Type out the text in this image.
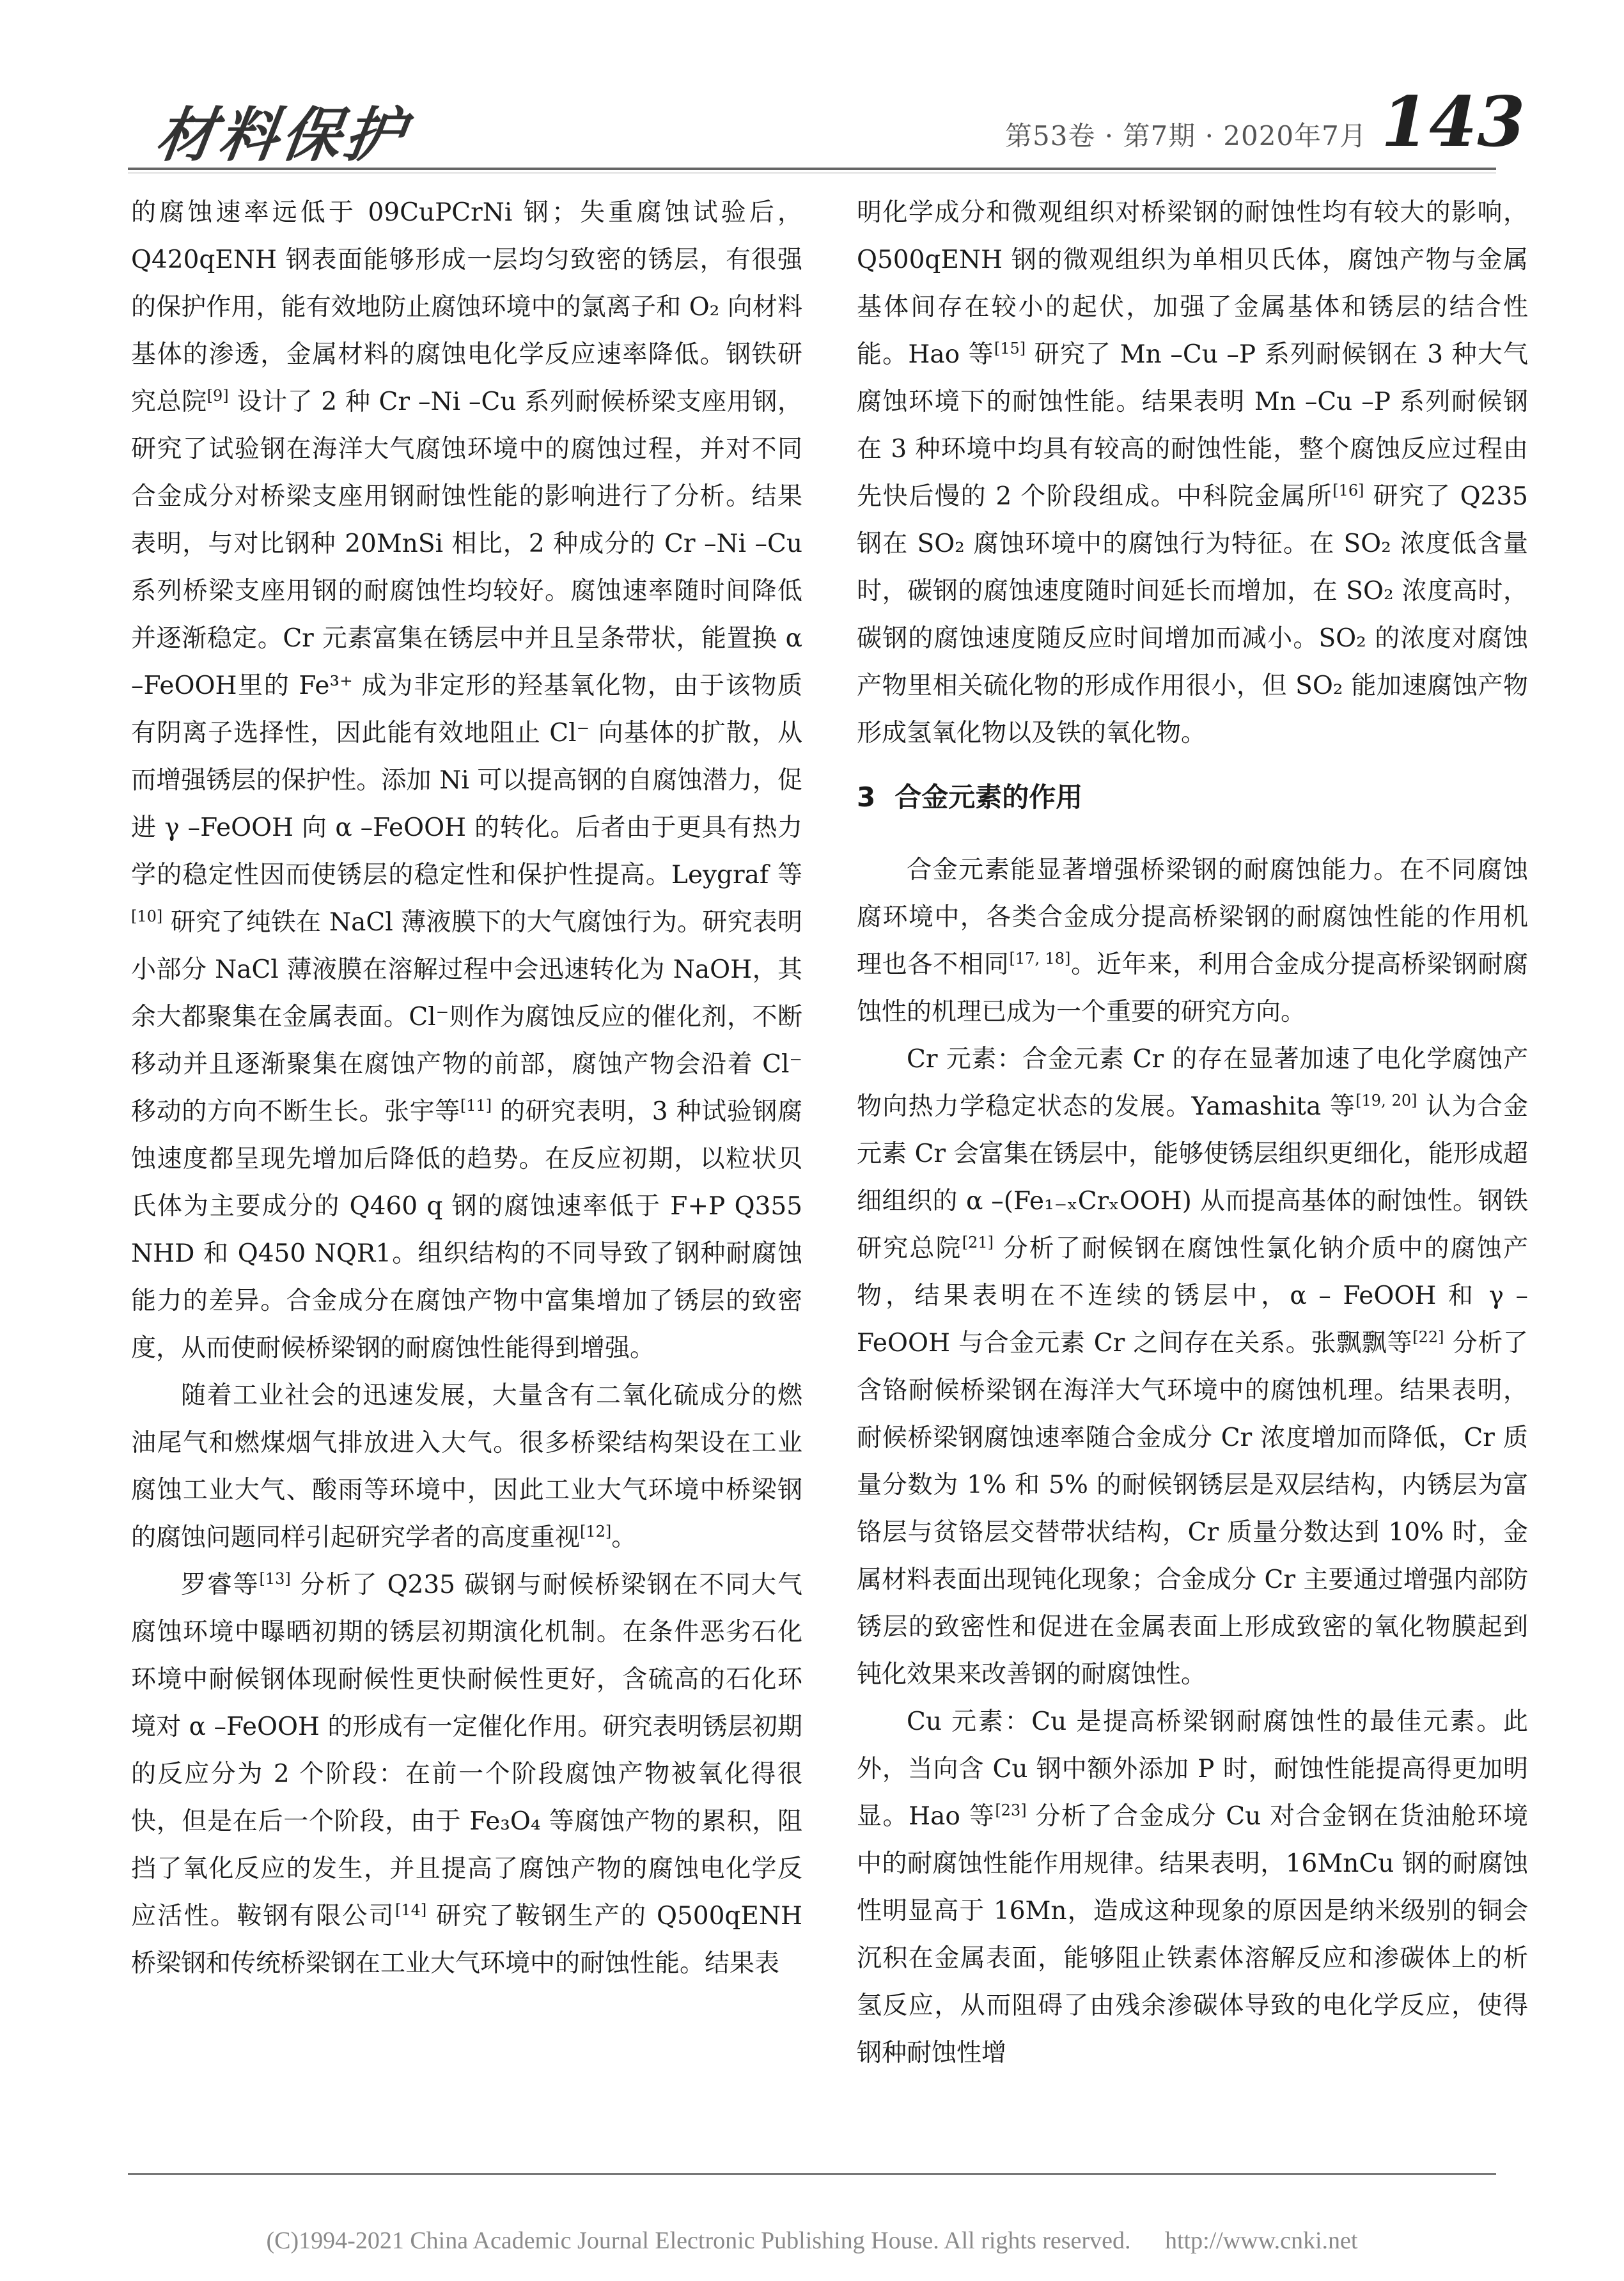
材料保护	第53卷 · 第7期 · 2020年7月 143

的腐蚀速率远低于 09CuPCrNi 钢；失重腐蚀试验后，Q420qENH 钢表面能够形成一层均匀致密的锈层，有很强的保护作用，能有效地防止腐蚀环境中的氯离子和 O₂ 向材料基体的渗透，金属材料的腐蚀电化学反应速率降低。钢铁研究总院[9] 设计了 2 种 Cr –Ni –Cu 系列耐候桥梁支座用钢，研究了试验钢在海洋大气腐蚀环境中的腐蚀过程，并对不同合金成分对桥梁支座用钢耐蚀性能的影响进行了分析。结果表明，与对比钢种 20MnSi 相比，2 种成分的 Cr –Ni –Cu 系列桥梁支座用钢的耐腐蚀性均较好。腐蚀速率随时间降低并逐渐稳定。Cr 元素富集在锈层中并且呈条带状，能置换 α –FeOOH里的 Fe³⁺ 成为非定形的羟基氧化物，由于该物质有阴离子选择性，因此能有效地阻止 Cl⁻ 向基体的扩散，从而增强锈层的保护性。添加 Ni 可以提高钢的自腐蚀潜力，促进 γ –FeOOH 向 α –FeOOH 的转化。后者由于更具有热力学的稳定性因而使锈层的稳定性和保护性提高。Leygraf 等[10] 研究了纯铁在 NaCl 薄液膜下的大气腐蚀行为。研究表明小部分 NaCl 薄液膜在溶解过程中会迅速转化为 NaOH，其余大都聚集在金属表面。Cl⁻则作为腐蚀反应的催化剂，不断移动并且逐渐聚集在腐蚀产物的前部，腐蚀产物会沿着 Cl⁻ 移动的方向不断生长。张宇等[11] 的研究表明，3 种试验钢腐蚀速度都呈现先增加后降低的趋势。在反应初期，以粒状贝氏体为主要成分的 Q460 q 钢的腐蚀速率低于 F+P Q355 NHD 和 Q450 NQR1。组织结构的不同导致了钢种耐腐蚀能力的差异。合金成分在腐蚀产物中富集增加了锈层的致密度，从而使耐候桥梁钢的耐腐蚀性能得到增强。

随着工业社会的迅速发展，大量含有二氧化硫成分的燃油尾气和燃煤烟气排放进入大气。很多桥梁结构架设在工业腐蚀工业大气、酸雨等环境中，因此工业大气环境中桥梁钢的腐蚀问题同样引起研究学者的高度重视[12]。

罗睿等[13] 分析了 Q235 碳钢与耐候桥梁钢在不同大气腐蚀环境中曝晒初期的锈层初期演化机制。在条件恶劣石化环境中耐候钢体现耐候性更快耐候性更好，含硫高的石化环境对 α –FeOOH 的形成有一定催化作用。研究表明锈层初期的反应分为 2 个阶段：在前一个阶段腐蚀产物被氧化得很快，但是在后一个阶段，由于 Fe₃O₄ 等腐蚀产物的累积，阻挡了氧化反应的发生，并且提高了腐蚀产物的腐蚀电化学反应活性。鞍钢有限公司[14] 研究了鞍钢生产的 Q500qENH 桥梁钢和传统桥梁钢在工业大气环境中的耐蚀性能。结果表

明化学成分和微观组织对桥梁钢的耐蚀性均有较大的影响，Q500qENH 钢的微观组织为单相贝氏体，腐蚀产物与金属基体间存在较小的起伏，加强了金属基体和锈层的结合性能。Hao 等[15] 研究了 Mn –Cu –P 系列耐候钢在 3 种大气腐蚀环境下的耐蚀性能。结果表明 Mn –Cu –P 系列耐候钢在 3 种环境中均具有较高的耐蚀性能，整个腐蚀反应过程由先快后慢的 2 个阶段组成。中科院金属所[16] 研究了 Q235 钢在 SO₂ 腐蚀环境中的腐蚀行为特征。在 SO₂ 浓度低含量时，碳钢的腐蚀速度随时间延长而增加，在 SO₂ 浓度高时，碳钢的腐蚀速度随反应时间增加而减小。SO₂ 的浓度对腐蚀产物里相关硫化物的形成作用很小，但 SO₂ 能加速腐蚀产物形成氢氧化物以及铁的氧化物。

3 合金元素的作用

合金元素能显著增强桥梁钢的耐腐蚀能力。在不同腐蚀腐环境中，各类合金成分提高桥梁钢的耐腐蚀性能的作用机理也各不相同[17, 18]。近年来，利用合金成分提高桥梁钢耐腐蚀性的机理已成为一个重要的研究方向。

Cr 元素：合金元素 Cr 的存在显著加速了电化学腐蚀产物向热力学稳定状态的发展。Yamashita 等[19, 20] 认为合金元素 Cr 会富集在锈层中，能够使锈层组织更细化，能形成超细组织的 α –(Fe₁₋ₓCrₓOOH) 从而提高基体的耐蚀性。钢铁研究总院[21] 分析了耐候钢在腐蚀性氯化钠介质中的腐蚀产物，结果表明在不连续的锈层中，α – FeOOH 和 γ – FeOOH 与合金元素 Cr 之间存在关系。张飘飘等[22] 分析了含铬耐候桥梁钢在海洋大气环境中的腐蚀机理。结果表明，耐候桥梁钢腐蚀速率随合金成分 Cr 浓度增加而降低，Cr 质量分数为 1% 和 5% 的耐候钢锈层是双层结构，内锈层为富铬层与贫铬层交替带状结构，Cr 质量分数达到 10% 时，金属材料表面出现钝化现象；合金成分 Cr 主要通过增强内部防锈层的致密性和促进在金属表面上形成致密的氧化物膜起到钝化效果来改善钢的耐腐蚀性。

Cu 元素：Cu 是提高桥梁钢耐腐蚀性的最佳元素。此外，当向含 Cu 钢中额外添加 P 时，耐蚀性能提高得更加明显。Hao 等[23] 分析了合金成分 Cu 对合金钢在货油舱环境中的耐腐蚀性能作用规律。结果表明，16MnCu 钢的耐腐蚀性明显高于 16Mn，造成这种现象的原因是纳米级别的铜会沉积在金属表面，能够阻止铁素体溶解反应和渗碳体上的析氢反应，从而阻碍了由残余渗碳体导致的电化学反应，使得钢种耐蚀性增

(C)1994-2021 China Academic Journal Electronic Publishing House. All rights reserved. http://www.cnki.net
